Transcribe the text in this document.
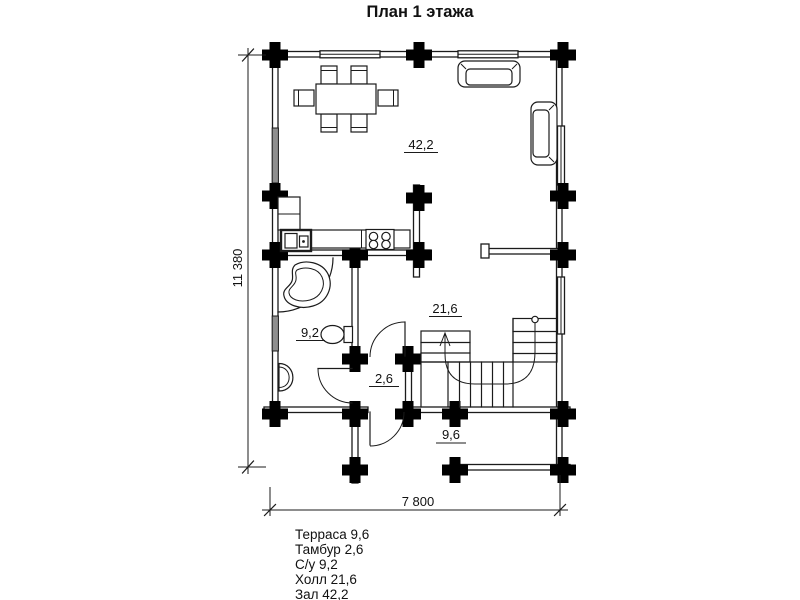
11 380
7 800
42,2
21,6
9,2
2,6
9,6
План 1 этажа
Терраса 9,6
Тамбур 2,6
С/у 9,2
Холл 21,6
Зал 42,2
